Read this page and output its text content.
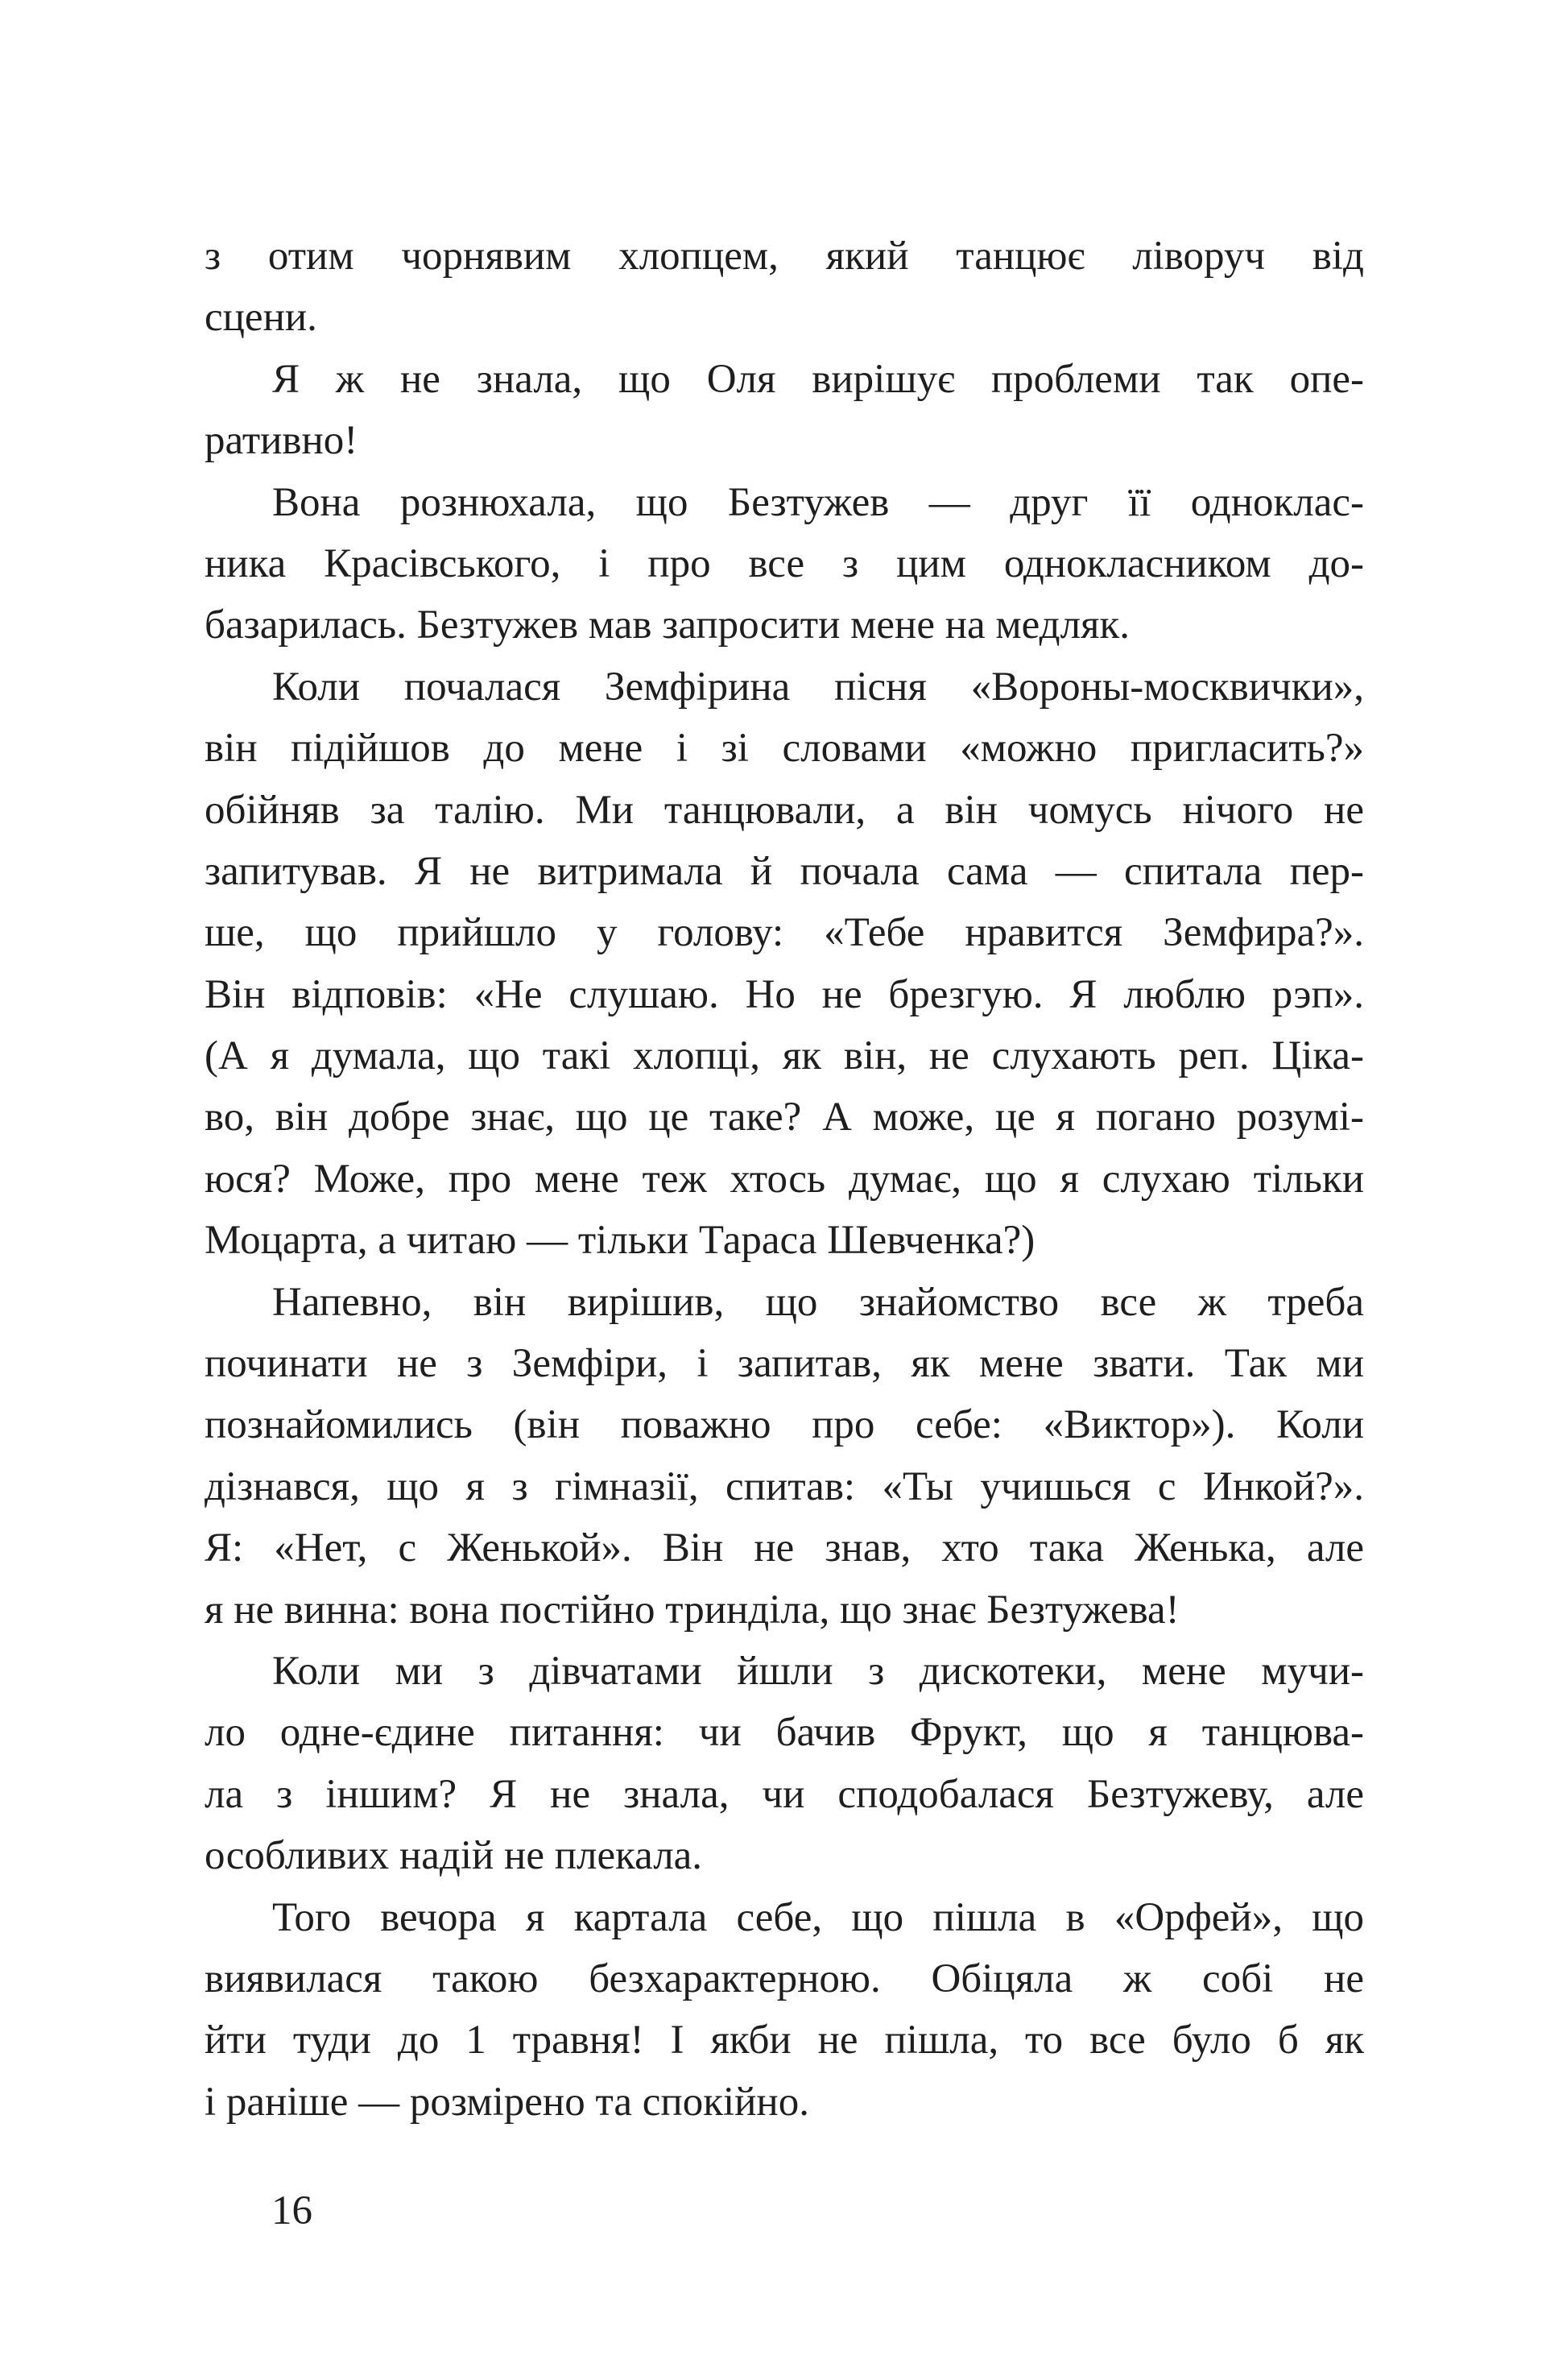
з отим чорнявим хлопцем, який танцює ліворуч від
сцени.
Я ж не знала, що Оля вирішує проблеми так опе-
ративно!
Вона рознюхала, що Безтужев — друг її однoклас-
ника Красівського, і про все з цим однокласником до-
базарилась. Безтужев мав запросити мене на медляк.
Коли почалася Земфірина пісня «Вороны-москвички»,
він підійшов до мене і зі словами «можно пригласить?»
обійняв за талію. Ми танцювали, а він чомусь нічого не
запитував. Я не витримала й почала сама — спитала пер-
ше, що прийшло у голову: «Тебе нравится Земфира?».
Він відповів: «Не слушаю. Но не брезгую. Я люблю рэп».
(А я думала, що такі хлопці, як він, не слухають реп. Ціка-
во, він добре знає, що це таке? А може, це я погано розумі-
юся? Може, про мене теж хтось думає, що я слухаю тільки
Моцарта, а читаю — тільки Тараса Шевченка?)
Напевно, він вирішив, що знайомство все ж треба
починати не з Земфіри, і запитав, як мене звати. Так ми
познайомились (він поважно про себе: «Виктор»). Коли
дізнався, що я з гімназії, спитав: «Ты учишься с Инкой?».
Я: «Нет, с Женькой». Він не знав, хто така Женька, але
я не винна: вона постійно тринділа, що знає Безтужева!
Коли ми з дівчатами йшли з дискотеки, мене мучи-
ло одне-єдине питання: чи бачив Фрукт, що я танцюва-
ла з іншим? Я не знала, чи сподобалася Безтужеву, але
особливих надій не плекала.
Того вечора я картала себе, що пішла в «Орфей», що
виявилася такою безхарактерною. Обіцяла ж собі не
йти туди до 1 травня! І якби не пішла, то все було б як
і раніше — розмірено та спокійно.
16
